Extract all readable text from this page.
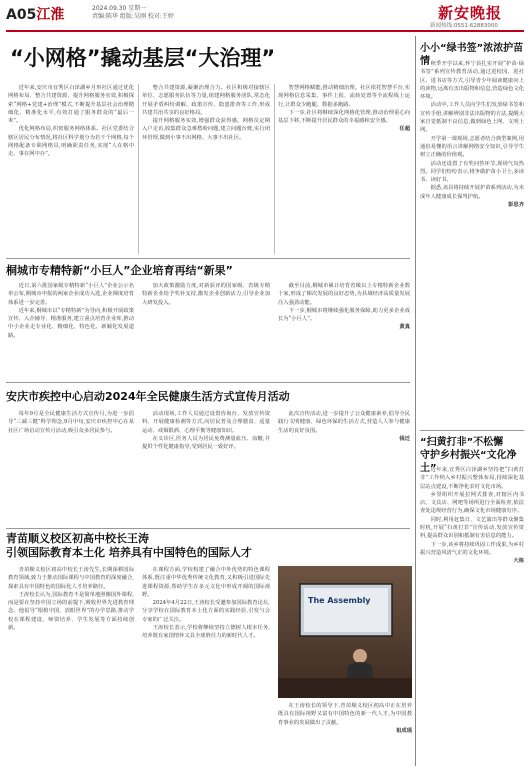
A05江淮	2024.09.30 星期一
责编:陈华 组版:吴刚 校对:王婷	新安晚报
新闻热线:0551-62883000
“小网格”撬动基层“大治理”

近年来,安庆市宜秀区白泽湖乡月形社区通过优化网格布局、整合共建资源、提升网格服务实效,积极探索“网格+党建+治理”模式,不断提升基层社会治理精细化、精准化水平,有效打通了服务群众的“最后一米”。

优化网格布局,织密服务网络体系。社区党委结合辖区居民分布情况,将社区科学划分为若干个网格,每个网格配备专职网格员,明确职责任务,实现“人在格中走、事在网中办”。

整合共建资源,凝聚治理合力。社区积极对接辖区单位、志愿服务队伍等力量,组建网格服务团队,常态化开展矛盾纠纷调解、政策宣传、隐患排查等工作,形成共建共治共享的良好格局。

提升网格服务实效,增强群众获得感。网格员定期入户走访,收集群众急难愁盼问题,建立问题台账,实行闭环管理,做到小事不出网格、大事不出社区。

智慧网格赋能,推动精细治理。社区依托智慧平台,实现网格信息采集、事件上报、流转处置等全流程线上运行,让群众少跑腿、数据多跑路。

下一步,社区将继续深化网格化管理,推动治理重心向基层下移,不断提升居民群众的幸福感和安全感。

任超
小小“绿书签”浓浓护苗情 秋季开学以来,怀宁县扎实开展“护苗·绿书签”系列宣传教育活动,通过进校园、进社区、进书店等方式,引导青少年阅读健康向上的读物,远离有害出版物和信息,营造绿色文化环境。

活动中,工作人员向学生们发放绿书签和宣传手册,讲解辨别非法出版物的方法,提醒大家自觉抵制不良信息,做到绿色上网、文明上网。

开学第一课现场,志愿者结合典型案例,用通俗易懂的语言讲解网络安全知识,引导学生树立正确的价值观。

活动还设置了有奖问答环节,现场气氛热烈。同学们纷纷表示,将争做护苗小卫士,多读书、读好书。

据悉,该县将持续开展护苗系列活动,为未成年人健康成长保驾护航。

彭思齐
“扫黄打非”不松懈
守护乡村振兴“文化净土”

近年来,宜秀区白泽湖乡坚持把“扫黄打非”工作纳入乡村振兴整体布局,持续深化基层站点建设,不断净化农村文化市场。

乡里组织开展拉网式排查,对辖区内书店、文具店、网吧等场所进行全面检查,依法查处违规经营行为,确保文化市场健康有序。

同时,利用赶集日、文艺演出等群众聚集时机,开展“扫黄打非”宣传活动,发放宣传资料,提高群众识别和抵制有害信息的能力。

下一步,该乡将持续巩固工作成果,为乡村振兴营造风清气正的文化环境。

大栋
桐城市专精特新“小巨人”企业培育再结“新果”

近日,第六批国家级专精特新“小巨人”企业公示名单公布,桐城市申报的两家企业成功入选,企业梯度培育体系进一步完善。

近年来,桐城市以“专精特新”为导向,积极开展政策宣传、入企辅导、精准服务,建立重点培育企业库,推动中小企业走专业化、精细化、特色化、新颖化发展道路。

加大政策激励力度,对新获评的国家级、省级专精特新企业给予奖补支持,激发企业创新活力,引导企业加大研发投入。

截至目前,桐城市累计培育省级以上专精特新企业数十家,形成了梯次发展的良好态势,为县域经济高质量发展注入强劲动能。

下一步,桐城市将继续强化服务保障,助力更多企业成长为“小巨人”。

黄真
安庆市疾控中心启动2024年全民健康生活方式宣传月活动

每年9月是全民健康生活方式宣传月,为进一步倡导“三减三健”科学理念,9月中旬,安庆市疾控中心在某社区广场启动宣传月活动,吸引众多居民参与。

活动现场,工作人员通过设置咨询台、发放宣传资料、开展健康检测等方式,向居民普及合理膳食、适量运动、戒烟限酒、心理平衡等健康知识。

在义诊区,医务人员为居民免费测量血压、血糖,并提供个性化健康指导,受到居民一致好评。

此次宣传活动,进一步提升了公众健康素养,倡导全民践行文明健康、绿色环保的生活方式,营造人人参与健康生活的良好氛围。

钱迁
青苗顺义校区初高中校长王涛
引领国际教育本土化 培养具有中国特色的国际人才

青苗顺义校区初高中校长王涛先生,长期深耕国际教育领域,致力于推动国际课程与中国教育的深度融合,探索具有中国特色的国际化人才培养路径。

王涛校长认为,国际教育不是简单地照搬国外课程,而是要在坚持中国立场的前提下,吸收世界先进教育理念。他倡导“根植中国、放眼世界”的办学思路,推动学校在课程建设、师资培养、学生发展等方面持续创新。

在课程方面,学校构建了融合中外优势的特色课程体系,既注重中华优秀传统文化教育,又积极引进国际先进课程资源,帮助学生在多元文化中形成开阔的国际视野。

2024年4月22日,王涛校长受邀参加国际教育论坛,分享学校在国际教育本土化方面的实践经验,引发与会专家的广泛关注。

王涛校长表示,学校将继续坚持立德树人根本任务,培养既有家国情怀又具全球胜任力的新时代人才。

The Assembly

在王涛校长的领导下,青苗顺义校区初高中正在培养既具有国际视野又富有中国特色的新一代人才,为中国教育事业的发展做出了贡献。

祖成瑶
